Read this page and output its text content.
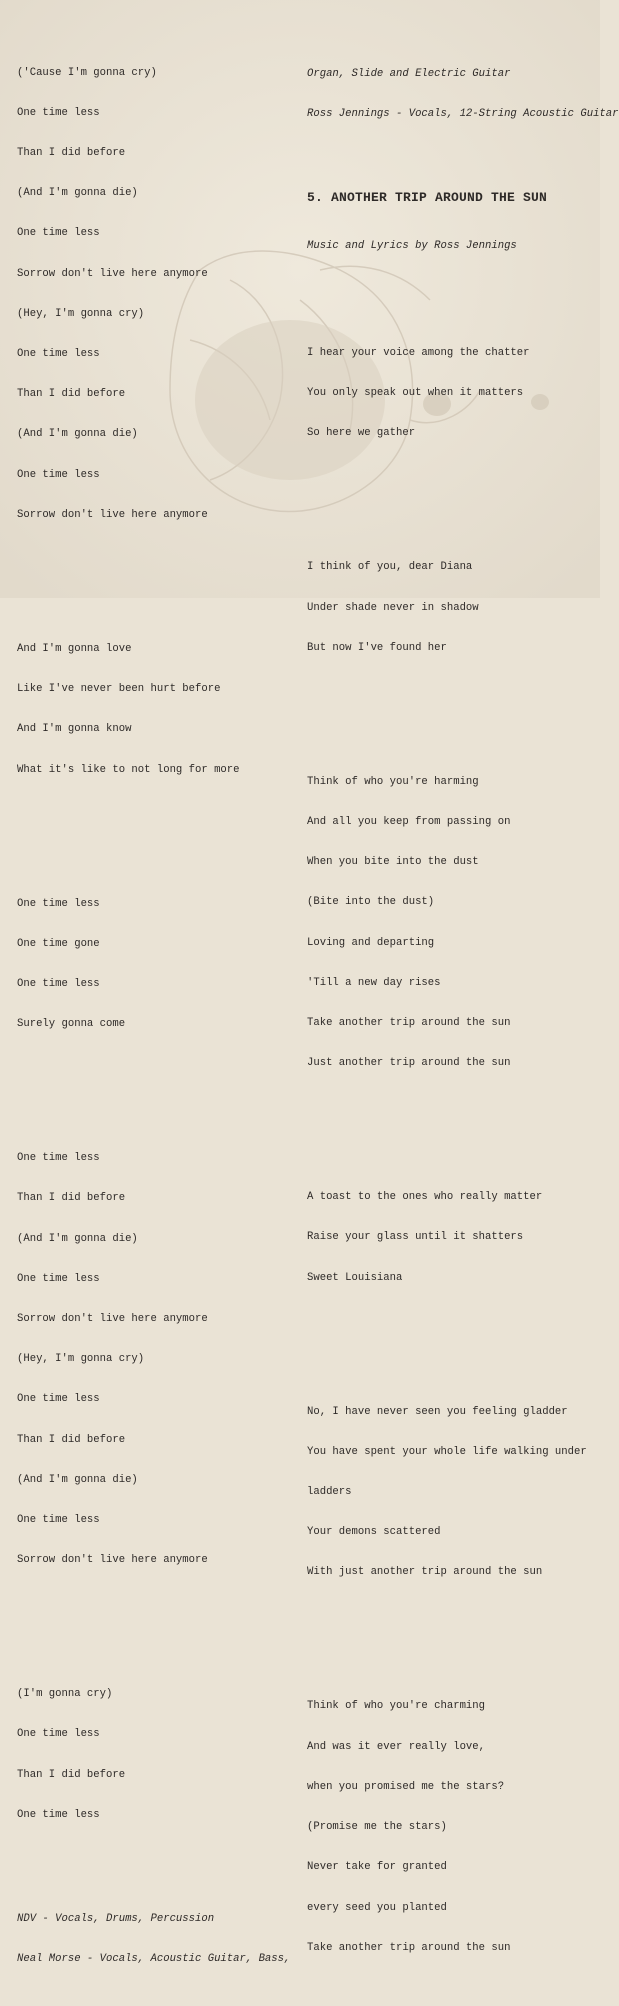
('Cause I'm gonna cry)

One time less

Than I did before

(And I'm gonna die)

One time less

Sorrow don't live here anymore

(Hey, I'm gonna cry)

One time less

Than I did before

(And I'm gonna die)

One time less

Sorrow don't live here anymore

And I'm gonna love

Like I've never been hurt before

And I'm gonna know

What it's like to not long for more

One time less

One time gone

One time less

Surely gonna come

One time less

Than I did before

(And I'm gonna die)

One time less

Sorrow don't live here anymore

(Hey, I'm gonna cry)

One time less

Than I did before

(And I'm gonna die)

One time less

Sorrow don't live here anymore

(I'm gonna cry)

One time less

Than I did before

One time less

NDV - Vocals, Drums, Percussion

Neal Morse - Vocals, Acoustic Guitar, Bass,

Organ, Slide and Electric Guitar

Ross Jennings - Vocals, 12-String Acoustic Guitar

5. ANOTHER TRIP AROUND THE SUN

Music and Lyrics by Ross Jennings

I hear your voice among the chatter

You only speak out when it matters

So here we gather

I think of you, dear Diana

Under shade never in shadow

But now I've found her

Think of who you're harming

And all you keep from passing on

When you bite into the dust

(Bite into the dust)

Loving and departing

'Till a new day rises

Take another trip around the sun

Just another trip around the sun

A toast to the ones who really matter

Raise your glass until it shatters

Sweet Louisiana

No, I have never seen you feeling gladder

You have spent your whole life walking under

ladders

Your demons scattered

With just another trip around the sun

Think of who you're charming

And was it ever really love,

when you promised me the stars?

(Promise me the stars)

Never take for granted

every seed you planted

Take another trip around the sun
